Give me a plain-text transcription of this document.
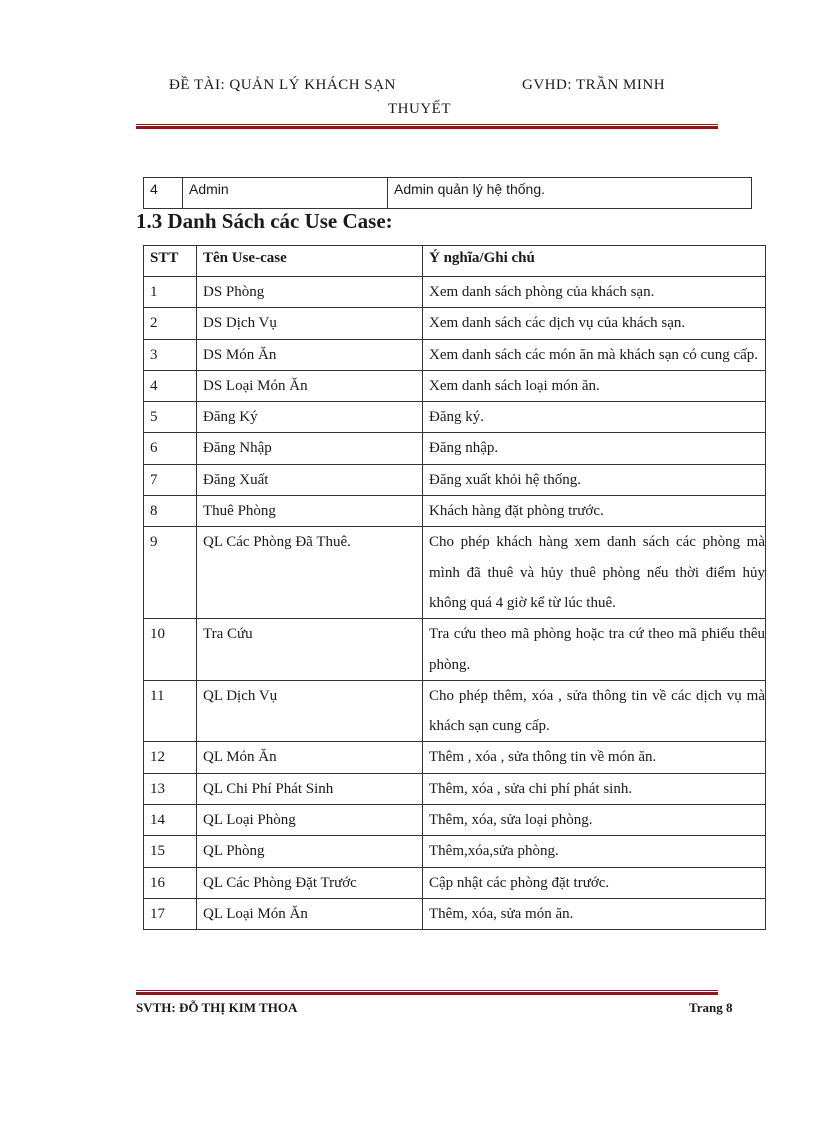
ĐỀ TÀI: QUẢN LÝ KHÁCH SẠN	GVHD: TRẦN MINH
THUYẾT
4	Admin	Admin quản lý hệ thống.
1.3 Danh Sách các Use Case:
STT	Tên Use-case	Ý nghĩa/Ghi chú
1	DS Phòng	Xem danh sách phòng của khách sạn.
2	DS Dịch Vụ	Xem danh sách các dịch vụ của khách sạn.
3	DS Món Ăn	Xem danh sách các món ăn mà khách sạn có cung cấp.
4	DS Loại Món Ăn	Xem danh sách loại món ăn.
5	Đăng Ký	Đăng ký.
6	Đăng Nhập	Đăng nhập.
7	Đăng Xuất	Đăng xuất khỏi hệ thống.
8	Thuê Phòng	Khách hàng đặt phòng trước.
9	QL Các Phòng Đã Thuê.	Cho phép khách hàng xem danh sách các phòng mà mình đã thuê và hủy thuê phòng nếu thời điểm hủy không quá 4 giờ kể từ lúc thuê.
10	Tra Cứu	Tra cứu theo mã phòng hoặc tra cứ theo mã phiếu thêu phòng.
11	QL Dịch Vụ	Cho phép thêm, xóa , sửa thông tin về các dịch vụ mà khách sạn cung cấp.
12	QL Món Ăn	Thêm , xóa , sửa thông tin về món ăn.
13	QL Chi Phí Phát Sinh	Thêm, xóa , sửa chi phí phát sinh.
14	QL Loại Phòng	Thêm, xóa, sửa loại phòng.
15	QL Phòng	Thêm,xóa,sửa phòng.
16	QL Các Phòng Đặt Trước	Cập nhật các phòng đặt trước.
17	QL Loại Món Ăn	Thêm, xóa, sửa món ăn.
SVTH: ĐỖ THỊ KIM THOA	Trang 8
